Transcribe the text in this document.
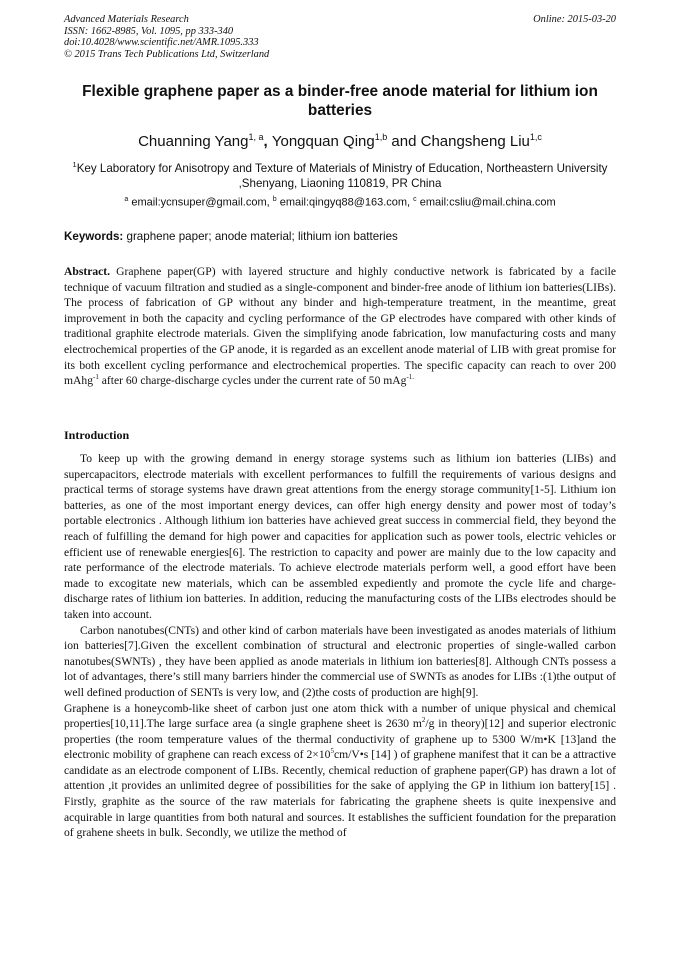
Advanced Materials Research
ISSN: 1662-8985, Vol. 1095, pp 333-340
doi:10.4028/www.scientific.net/AMR.1095.333
© 2015 Trans Tech Publications Ltd, Switzerland
Online: 2015-03-20
Flexible graphene paper as a binder-free anode material for lithium ion batteries
Chuanning Yang$^{1, a}$, Yongquan Qing$^{1,b}$ and Changsheng Liu$^{1,c}$
$^1$Key Laboratory for Anisotropy and Texture of Materials of Ministry of Education, Northeastern University ,Shenyang, Liaoning 110819, PR China
$^a$ email:ycnsuper@gmail.com, $^b$ email:qingyq88@163.com, $^c$ email:csliu@mail.china.com
Keywords: graphene paper; anode material; lithium ion batteries
Abstract. Graphene paper(GP) with layered structure and highly conductive network is fabricated by a facile technique of vacuum filtration and studied as a single-component and binder-free anode of lithium ion batteries(LIBs). The process of fabrication of GP without any binder and high-temperature treatment, in the meantime, great improvement in both the capacity and cycling performance of the GP electrodes have compared with other kinds of traditional graphite electrode materials. Given the simplifying anode fabrication, low manufacturing costs and many electrochemical properties of the GP anode, it is regarded as an excellent anode material of LIB with great promise for its both excellent cycling performance and electrochemical properties. The specific capacity can reach to over 200 mAhg$^{-1}$ after 60 charge-discharge cycles under the current rate of 50 mAg$^{-1.}$
Introduction

To keep up with the growing demand in energy storage systems such as lithium ion batteries (LIBs) and supercapacitors, electrode materials with excellent performances to fulfill the requirements of various designs and practical terms of storage systems have drawn great attentions from the energy storage community[1-5]. Lithium ion batteries, as one of the most important energy devices, can offer high energy density and power most of today’s portable electronics . Although lithium ion batteries have achieved great success in commercial field, they beyond the reach of fulfilling the demand for high power and capacities for application such as power tools, electric vehicles or efficient use of renewable energies[6]. The restriction to capacity and power are mainly due to the low capacity and rate performance of the electrode materials. To achieve electrode materials perform well, a good effort have been made to excogitate new materials, which can be assembled expediently and promote the cycle life and charge-discharge rates of lithium ion batteries. In addition, reducing the manufacturing costs of the LIBs electrodes should be taken into account.

Carbon nanotubes(CNTs) and other kind of carbon materials have been investigated as anodes materials of lithium ion batteries[7].Given the excellent combination of structural and electronic properties of single-walled carbon nanotubes(SWNTs) , they have been applied as anode materials in lithium ion batteries[8]. Although CNTs possess a lot of advantages, there’s still many barriers hinder the commercial use of SWNTs as anodes for LIBs :(1)the output of well defined production of SENTs is very low, and (2)the costs of production are high[9].

Graphene is a honeycomb-like sheet of carbon just one atom thick with a number of unique physical and chemical properties[10,11].The large surface area (a single graphene sheet is 2630 $m^2/g$ in theory)[12] and superior electronic properties (the room temperature values of the thermal conductivity of graphene up to 5300 W/m•K [13]and the electronic mobility of graphene can reach excess of $2\times 10^5cm/V•s$ [14] ) of graphene manifest that it can be a attractive candidate as an electrode component of LIBs. Recently, chemical reduction of graphene paper(GP) has drawn a lot of attention ,it provides an unlimited degree of possibilities for the sake of applying the GP in lithium ion battery[15] . Firstly, graphite as the source of the raw materials for fabricating the graphene sheets is quite inexpensive and acquirable in large quantities from both natural and sources. It establishes the sufficient foundation for the preparation of grahene sheets in bulk. Secondly, we utilize the method of
